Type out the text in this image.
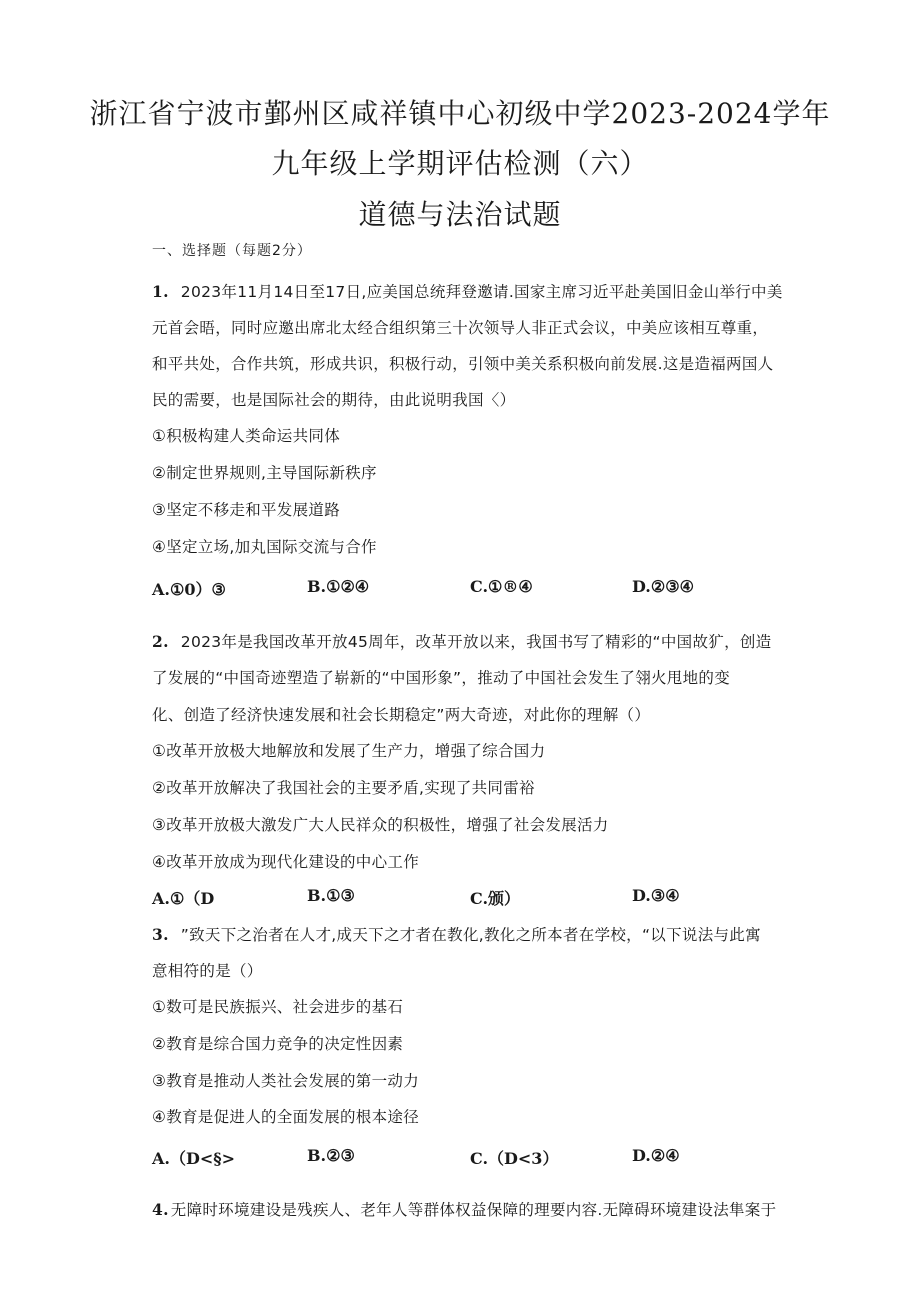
浙江省宁波市鄞州区咸祥镇中心初级中学2023-2024学年
九年级上学期评估检测（六）
道德与法治试题
一、选择题（每题2分）
1. 2023年11月14日至17日,应美国总统拜登邀请.国家主席习近平赴美国旧金山举行中美
元首会晤，同时应邀出席北太经合组织第三十次领导人非正式会议，中美应该相互尊重，
和平共处，合作共筑，形成共识，积极行动，引领中美关系积极向前发展.这是造福两国人
民的需要，也是国际社会的期待，由此说明我国〈）
①积极构建人类命运共同体
②制定世界规则,主导国际新秩序
③坚定不移走和平发展道路
④坚定立场,加丸国际交流与合作
A.①0）③	B.①②④	C.①®④	D.②③④
2. 2023年是我国改革开放45周年，改革开放以来，我国书写了精彩的“中国故犷，创造
了发展的“中国奇迹塑造了崭新的“中国形象”，推动了中国社会发生了翎火甩地的变
化、创造了经济快速发展和社会长期稳定”两大奇迹，对此你的理解（）
①改革开放极大地解放和发展了生产力，增强了综合国力
②改革开放解决了我国社会的主要矛盾,实现了共同雷裕
③改革开放极大激发广大人民祥众的积极性，增强了社会发展活力
④改革开放成为现代化建设的中心工作
A.①（D	B.①③	C.颁）	D.③④
3. ”致天下之治者在人才,成天下之才者在教化,教化之所本者在学校，“以下说法与此寓
意相符的是（）
①数可是民族振兴、社会进步的基石
②教育是综合国力竞争的决定性因素
③教育是推动人类社会发展的第一动力
④教育是促进人的全面发展的根本途径
A.（D<§>	B.②③	C.（D<3）	D.②④
4. 无障时环境建设是残疾人、老年人等群体权益保障的理要内容.无障碍环境建设法隼案于
